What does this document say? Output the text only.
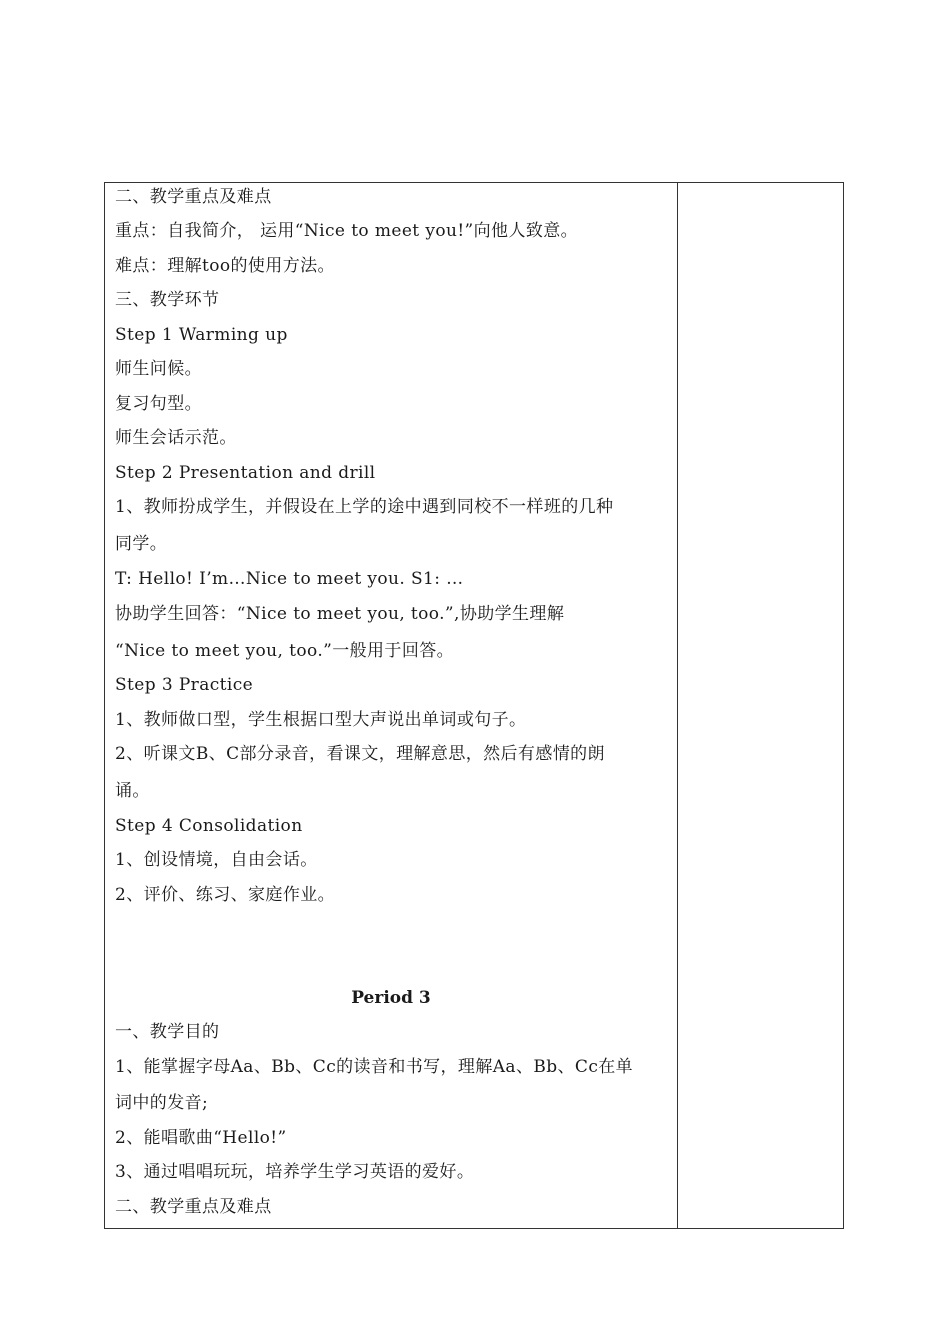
二、教学重点及难点
重点：自我简介， 运用“Nice to meet you!”向他人致意。
难点：理解too的使用方法。
三、教学环节
Step 1 Warming up
师生问候。
复习句型。
师生会话示范。
Step 2 Presentation and drill
1、教师扮成学生，并假设在上学的途中遇到同校不一样班的几种
同学。
T: Hello! I’m…Nice to meet you. S1: …
协助学生回答：“Nice to meet you, too.”,协助学生理解
“Nice to meet you, too.”一般用于回答。
Step 3 Practice
1、教师做口型，学生根据口型大声说出单词或句子。
2、听课文B、C部分录音，看课文，理解意思，然后有感情的朗
诵。
Step 4 Consolidation
1、创设情境，自由会话。
2、评价、练习、家庭作业。
Period 3
一、教学目的
1、能掌握字母Aa、Bb、Cc的读音和书写，理解Aa、Bb、Cc在单
词中的发音;
2、能唱歌曲“Hello!”
3、通过唱唱玩玩，培养学生学习英语的爱好。
二、教学重点及难点
